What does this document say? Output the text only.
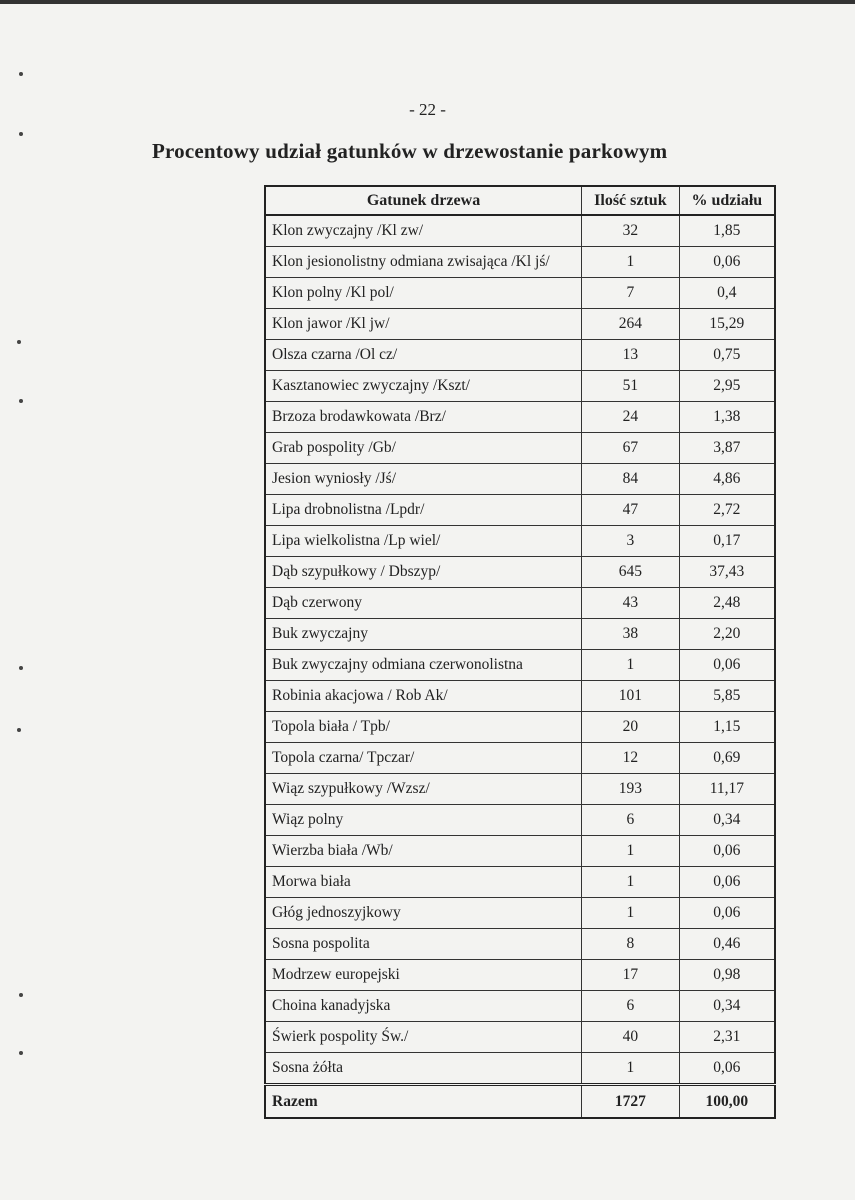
- 22 -
Procentowy udział gatunków w drzewostanie parkowym
Gatunek drzewa	Ilość sztuk	% udziału
Klon zwyczajny /Kl zw/	32	1,85
Klon jesionolistny odmiana zwisająca /Kl jś/	1	0,06
Klon polny /Kl pol/	7	0,4
Klon jawor /Kl jw/	264	15,29
Olsza czarna /Ol cz/	13	0,75
Kasztanowiec zwyczajny /Kszt/	51	2,95
Brzoza brodawkowata /Brz/	24	1,38
Grab pospolity /Gb/	67	3,87
Jesion wyniosły /Jś/	84	4,86
Lipa drobnolistna /Lpdr/	47	2,72
Lipa wielkolistna /Lp wiel/	3	0,17
Dąb szypułkowy / Dbszyp/	645	37,43
Dąb czerwony	43	2,48
Buk zwyczajny	38	2,20
Buk zwyczajny odmiana czerwonolistna	1	0,06
Robinia akacjowa / Rob Ak/	101	5,85
Topola biała / Tpb/	20	1,15
Topola czarna/ Tpczar/	12	0,69
Wiąz szypułkowy /Wzsz/	193	11,17
Wiąz polny	6	0,34
Wierzba biała /Wb/	1	0,06
Morwa biała	1	0,06
Głóg jednoszyjkowy	1	0,06
Sosna pospolita	8	0,46
Modrzew europejski	17	0,98
Choina kanadyjska	6	0,34
Świerk pospolity Św./	40	2,31
Sosna żółta	1	0,06
Razem	1727	100,00
